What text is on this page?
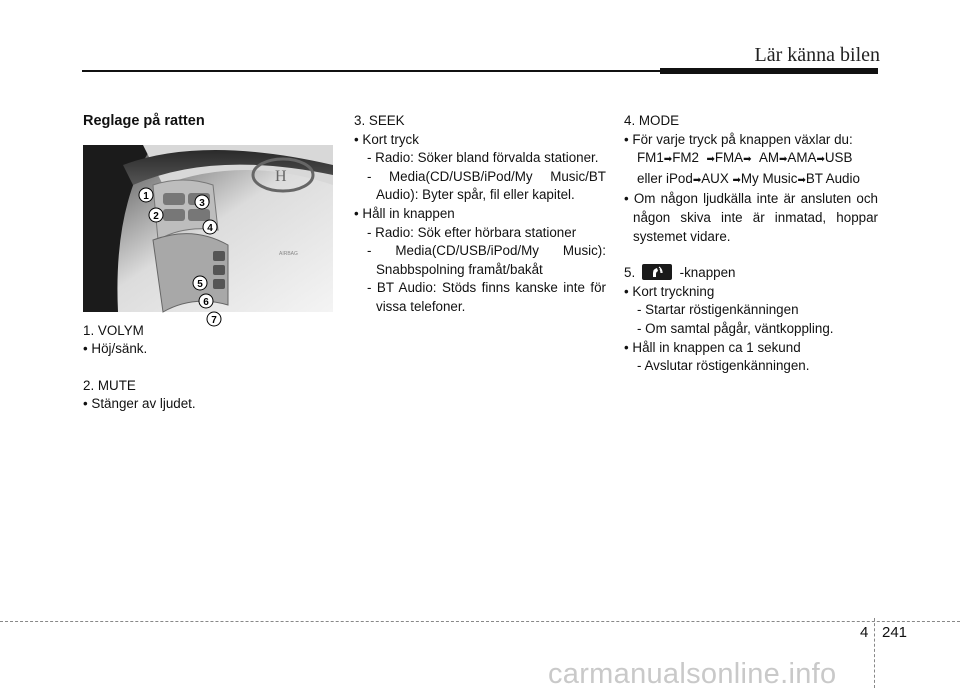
Lär känna bilen
Reglage på ratten
H
AIRBAG
1
2
3
4
5
6
7
1. VOLYM
• Höj/sänk.
2. MUTE
• Stänger av ljudet.
3. SEEK
• Kort tryck
- Radio: Söker bland förvalda stationer.
- Media(CD/USB/iPod/My Music/BT Audio): Byter spår, fil eller kapitel.
• Håll in knappen
- Radio: Sök efter hörbara stationer
- Media(CD/USB/iPod/My Music): Snabbspolning framåt/bakåt
- BT Audio: Stöds finns kanske inte för vissa telefoner.
4. MODE
• För varje tryck på knappen växlar du:
FM1➡FM2 ➡FMA➡ AM➡AMA➡USB
eller iPod➡AUX ➡My Music➡BT Audio
• Om någon ljudkälla inte är ansluten och någon skiva inte är inmatad, hoppar systemet vidare.
5.	-knappen
• Kort tryckning
- Startar röstigenkänningen
- Om samtal pågår, väntkoppling.
• Håll in knappen ca 1 sekund
- Avslutar röstigenkänningen.
4 241
carmanualsonline.info
